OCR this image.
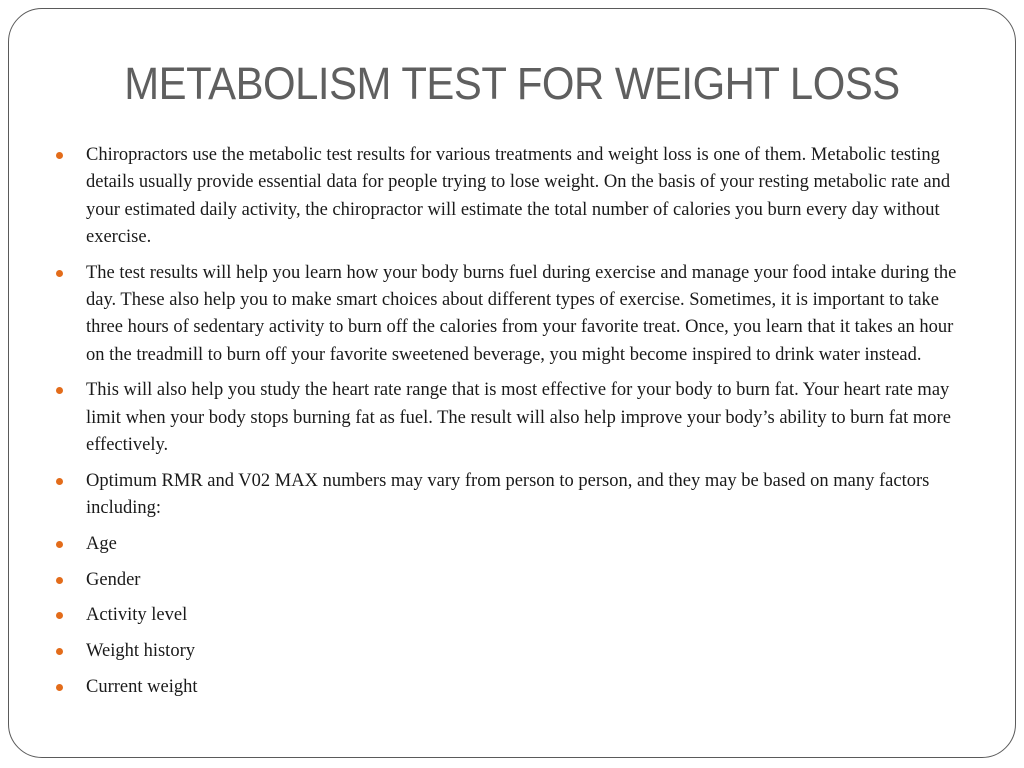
METABOLISM TEST FOR WEIGHT LOSS
Chiropractors use the metabolic test results for various treatments and weight loss is one of them. Metabolic testing details usually provide essential data for people trying to lose weight. On the basis of your resting metabolic rate and your estimated daily activity, the chiropractor will estimate the total number of calories you burn every day without exercise.
The test results will help you learn how your body burns fuel during exercise and manage your food intake during the day. These also help you to make smart choices about different types of exercise. Sometimes, it is important to take three hours of sedentary activity to burn off the calories from your favorite treat. Once, you learn that it takes an hour on the treadmill to burn off your favorite sweetened beverage, you might become inspired to drink water instead.
This will also help you study the heart rate range that is most effective for your body to burn fat. Your heart rate may limit when your body stops burning fat as fuel. The result will also help improve your body’s ability to burn fat more effectively.
Optimum RMR and V02 MAX numbers may vary from person to person, and they may be based on many factors including:
Age
Gender
Activity level
Weight history
Current weight
